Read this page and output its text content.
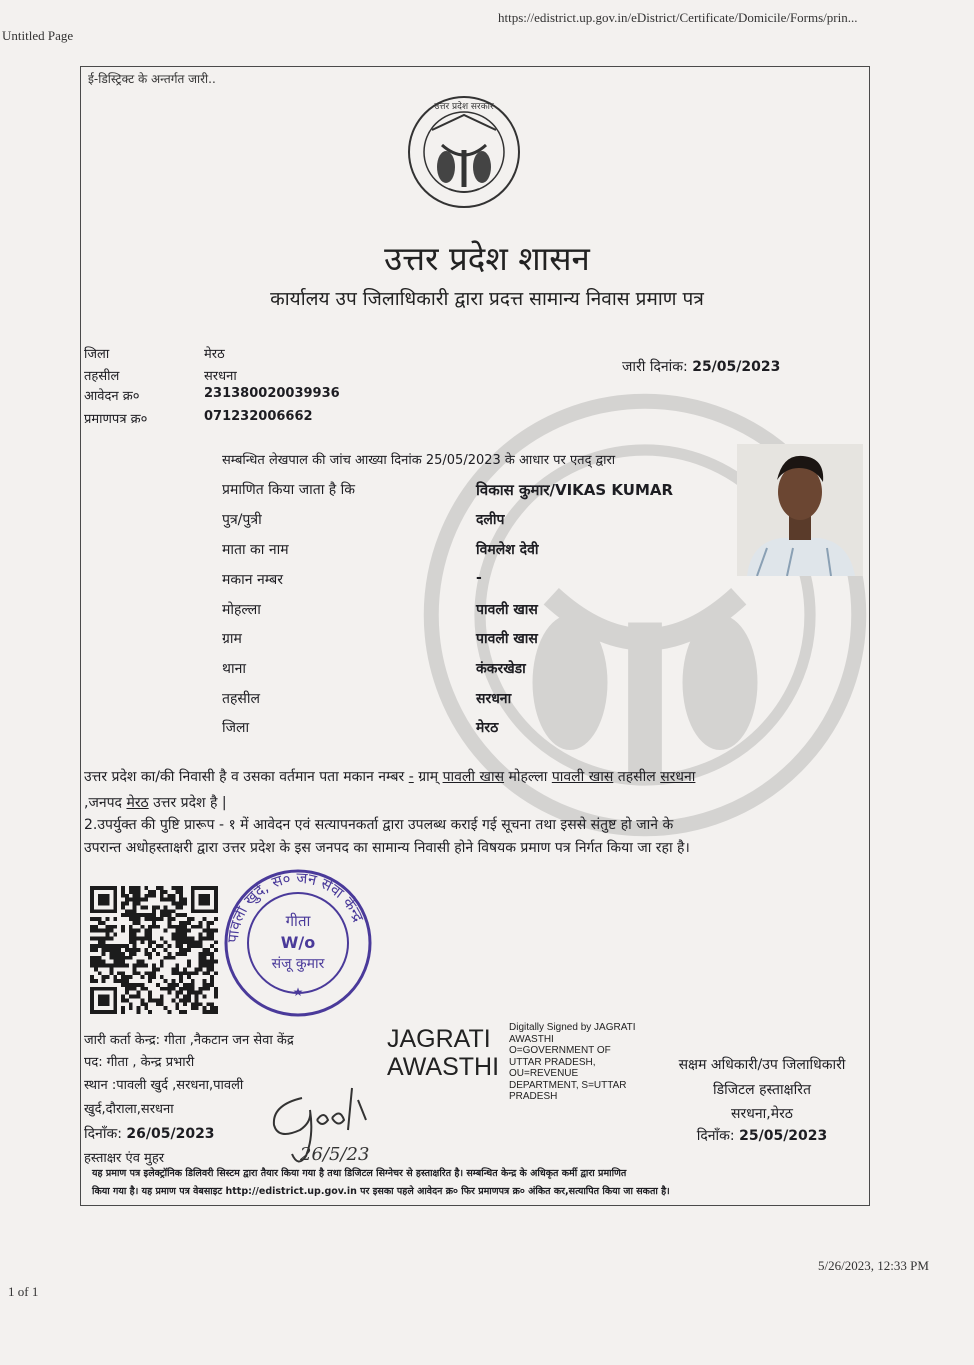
Untitled Page
https://edistrict.up.gov.in/eDistrict/Certificate/Domicile/Forms/prin...
ई-डिस्ट्रिक्ट के अन्तर्गत जारी..
उत्तर प्रदेश सरकार
उत्तर प्रदेश शासन
कार्यालय उप जिलाधिकारी द्वारा प्रदत्त सामान्य निवास प्रमाण पत्र
जिला	मेरठ
तहसील	सरधना
आवेदन क्र०	231380020039936
प्रमाणपत्र क्र०	071232006662
जारी दिनांक: 25/05/2023
सम्बन्धित लेखपाल की जांच आख्या दिनांक 25/05/2023 के आधार पर एतद् द्वारा
प्रमाणित किया जाता है कि	विकास कुमार/VIKAS KUMAR
पुत्र/पुत्री	दलीप
माता का नाम	विमलेश देवी
मकान नम्बर	-
मोहल्ला	पावली खास
ग्राम	पावली खास
थाना	कंकरखेडा
तहसील	सरधना
जिला	मेरठ
उत्तर प्रदेश का/की निवासी है व उसका वर्तमान पता मकान नम्बर - ग्राम् पावली खास मोहल्ला पावली खास तहसील सरधना
,जनपद मेरठ उत्तर प्रदेश है |
2.उपर्युक्त की पुष्टि प्रारूप - १ में आवेदन एवं सत्यापनकर्ता द्वारा उपलब्ध कराई गई सूचना तथा इससे संतुष्ट हो जाने के
उपरान्त अधोहस्ताक्षरी द्वारा उत्तर प्रदेश के इस जनपद का सामान्य निवासी होने विषयक प्रमाण पत्र निर्गत किया जा रहा है।
पावली खुर्द, स० जन सेवा केन्द्र
गीता
W/o
संजू कुमार
★
जारी कर्ता केन्द्र: गीता ,नैकटान जन सेवा केंद्र
पद: गीता , केन्द्र प्रभारी
स्थान :पावली खुर्द ,सरधना,पावली
खुर्द,दौराला,सरधना
दिनाँक: 26/05/2023
हस्ताक्षर एंव मुहर	26/5/23
JAGRATI
AWASTHI
Digitally Signed by JAGRATI AWASTHI O=GOVERNMENT OF UTTAR PRADESH, OU=REVENUE DEPARTMENT, S=UTTAR PRADESH
सक्षम अधिकारी/उप जिलाधिकारी
डिजिटल हस्ताक्षरित
सरधना,मेरठ
दिनाँक: 25/05/2023
यह प्रमाण पत्र इलेक्ट्रॉनिक डिलिवरी सिस्टम द्वारा तैयार किया गया है तथा डिजिटल सिग्नेचर से हस्ताक्षरित है। सम्बन्धित केन्द्र के अधिकृत कर्मी द्वारा प्रमाणित
किया गया है। यह प्रमाण पत्र वेबसाइट http://edistrict.up.gov.in पर इसका पहले आवेदन क्र० फिर प्रमाणपत्र क्र० अंकित कर,सत्यापित किया जा सकता है।
1 of 1
5/26/2023, 12:33 PM
